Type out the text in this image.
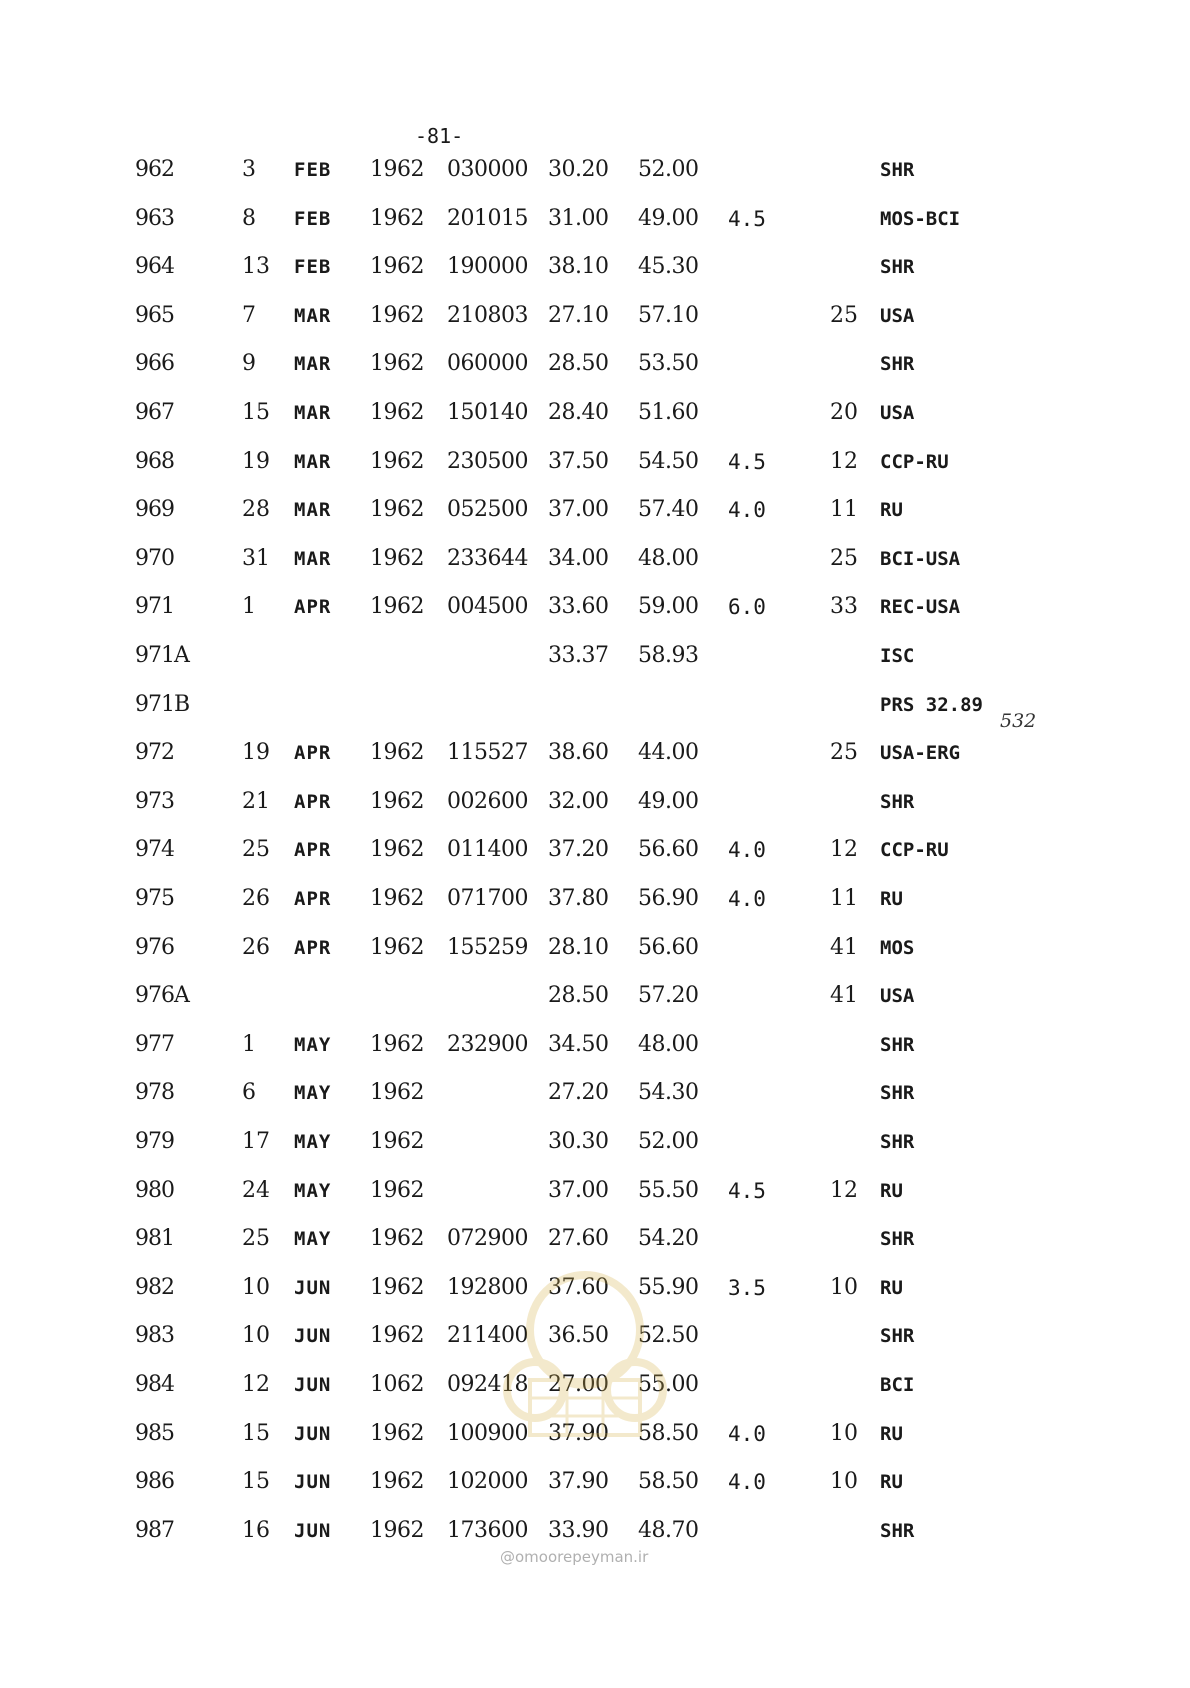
-81-
962	3 FEB 1962 030000 30.20 52.00	SHR
963	8 FEB 1962 201015 31.00 49.00 4.5	MOS-BCI
964	13 FEB 1962 190000 38.10 45.30	SHR
965	7 MAR 1962 210803 27.10 57.10	25 USA
966	9 MAR 1962 060000 28.50 53.50	SHR
967	15 MAR 1962 150140 28.40 51.60	20 USA
968	19 MAR 1962 230500 37.50 54.50 4.5	12 CCP-RU
969	28 MAR 1962 052500 37.00 57.40 4.0	11 RU
970	31 MAR 1962 233644 34.00 48.00	25 BCI-USA
971	1 APR 1962 004500 33.60 59.00 6.0	33 REC-USA
971A	33.37 58.93	ISC
971B	PRS 32.89
972	19 APR 1962 115527 38.60 44.00	25 USA-ERG
973	21 APR 1962 002600 32.00 49.00	SHR
974	25 APR 1962 011400 37.20 56.60 4.0	12 CCP-RU
975	26 APR 1962 071700 37.80 56.90 4.0	11 RU
976	26 APR 1962 155259 28.10 56.60	41 MOS
976A	28.50 57.20	41 USA
977	1 MAY 1962 232900 34.50 48.00	SHR
978	6 MAY 1962	27.20 54.30	SHR
979	17 MAY 1962	30.30 52.00	SHR
980	24 MAY 1962	37.00 55.50 4.5	12 RU
981	25 MAY 1962 072900 27.60 54.20	SHR
982	10 JUN 1962 192800 37.60 55.90 3.5	10 RU
983	10 JUN 1962 211400 36.50 52.50	SHR
984	12 JUN 1062 092418 27.00 55.00	BCI
985	15 JUN 1962 100900 37.90 58.50 4.0	10 RU
986	15 JUN 1962 102000 37.90 58.50 4.0	10 RU
987	16 JUN 1962 173600 33.90 48.70	SHR
532
@omoorepeyman.ir
